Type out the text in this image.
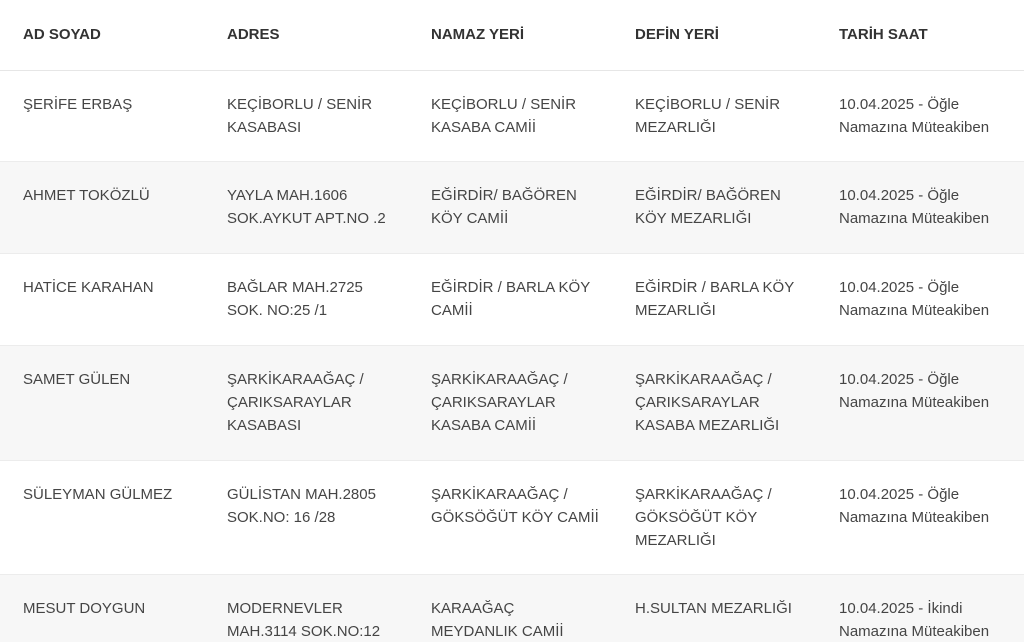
AD SOYAD	ADRES	NAMAZ YERİ	DEFİN YERİ	TARİH SAAT
ŞERİFE ERBAŞ	KEÇİBORLU / SENİR KASABASI	KEÇİBORLU / SENİR KASABA CAMİİ	KEÇİBORLU / SENİR MEZARLIĞI	10.04.2025 - Öğle Namazına Müteakiben
AHMET TOKÖZLÜ	YAYLA MAH.1606 SOK.AYKUT APT.NO .2	EĞİRDİR/ BAĞÖREN KÖY CAMİİ	EĞİRDİR/ BAĞÖREN KÖY MEZARLIĞI	10.04.2025 - Öğle Namazına Müteakiben
HATİCE KARAHAN	BAĞLAR MAH.2725 SOK. NO:25 /1	EĞİRDİR / BARLA KÖY CAMİİ	EĞİRDİR / BARLA KÖY MEZARLIĞI	10.04.2025 - Öğle Namazına Müteakiben
SAMET GÜLEN	ŞARKİKARAAĞAÇ / ÇARIKSARAYLAR KASABASI	ŞARKİKARAAĞAÇ / ÇARIKSARAYLAR KASABA CAMİİ	ŞARKİKARAAĞAÇ / ÇARIKSARAYLAR KASABA MEZARLIĞI	10.04.2025 - Öğle Namazına Müteakiben
SÜLEYMAN GÜLMEZ	GÜLİSTAN MAH.2805 SOK.NO: 16 /28	ŞARKİKARAAĞAÇ / GÖKSÖĞÜT KÖY CAMİİ	ŞARKİKARAAĞAÇ / GÖKSÖĞÜT KÖY MEZARLIĞI	10.04.2025 - Öğle Namazına Müteakiben
MESUT DOYGUN	MODERNEVLER MAH.3114 SOK.NO:12	KARAAĞAÇ MEYDANLIK CAMİİ	H.SULTAN MEZARLIĞI	10.04.2025 - İkindi Namazına Müteakiben
